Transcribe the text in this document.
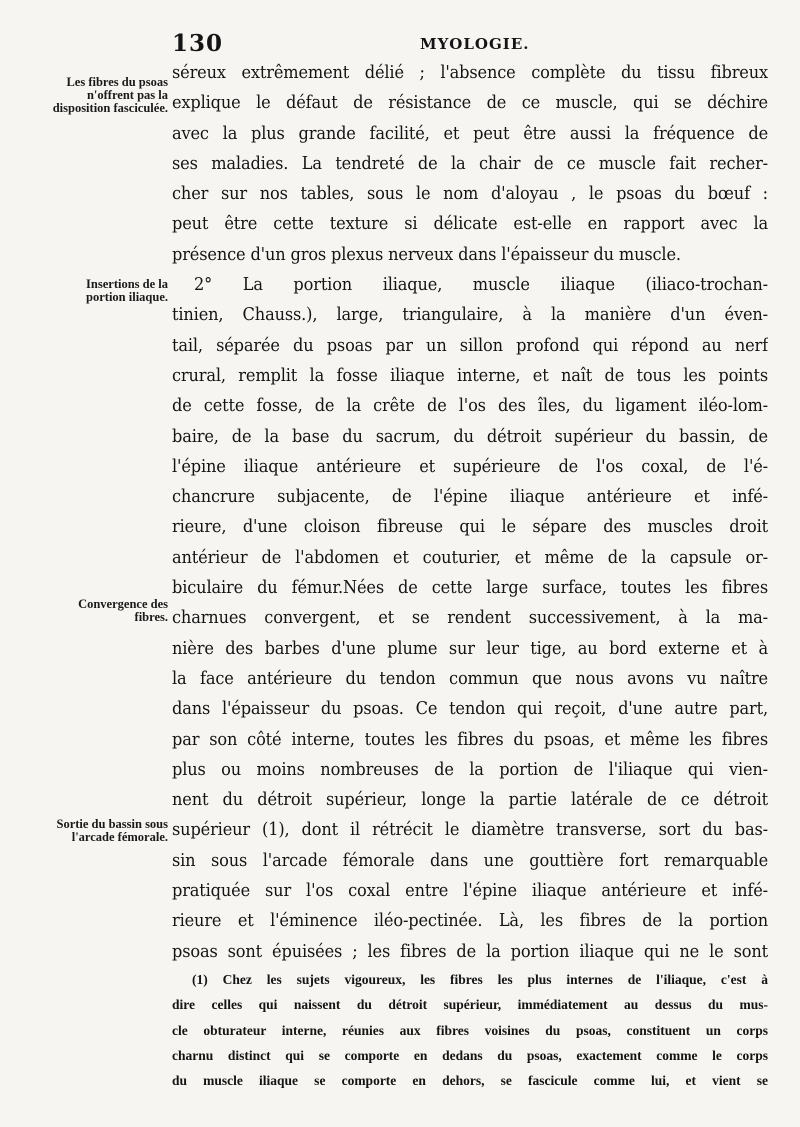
130	MYOLOGIE.
Les fibres du psoas n'offrent pas la disposition fasciculée.
Insertions de la portion iliaque.
Convergence des fibres.
Sortie du bassin sous l'arcade fémorale.
séreux extrêmement délié ; l'absence complète du tissu fibreux
explique le défaut de résistance de ce muscle, qui se déchire
avec la plus grande facilité, et peut être aussi la fréquence de
ses maladies. La tendreté de la chair de ce muscle fait recher-
cher sur nos tables, sous le nom d'aloyau , le psoas du bœuf :
peut être cette texture si délicate est-elle en rapport avec la
présence d'un gros plexus nerveux dans l'épaisseur du muscle.
2° La portion iliaque, muscle iliaque (iliaco-trochan-
tinien, Chauss.), large, triangulaire, à la manière d'un éven-
tail, séparée du psoas par un sillon profond qui répond au nerf
crural, remplit la fosse iliaque interne, et naît de tous les points
de cette fosse, de la crête de l'os des îles, du ligament iléo-lom-
baire, de la base du sacrum, du détroit supérieur du bassin, de
l'épine iliaque antérieure et supérieure de l'os coxal, de l'é-
chancrure subjacente, de l'épine iliaque antérieure et infé-
rieure, d'une cloison fibreuse qui le sépare des muscles droit
antérieur de l'abdomen et couturier, et même de la capsule or-
biculaire du fémur.Nées de cette large surface, toutes les fibres
charnues convergent, et se rendent successivement, à la ma-
nière des barbes d'une plume sur leur tige, au bord externe et à
la face antérieure du tendon commun que nous avons vu naître
dans l'épaisseur du psoas. Ce tendon qui reçoit, d'une autre part,
par son côté interne, toutes les fibres du psoas, et même les fibres
plus ou moins nombreuses de la portion de l'iliaque qui vien-
nent du détroit supérieur, longe la partie latérale de ce détroit
supérieur (1), dont il rétrécit le diamètre transverse, sort du bas-
sin sous l'arcade fémorale dans une gouttière fort remarquable
pratiquée sur l'os coxal entre l'épine iliaque antérieure et infé-
rieure et l'éminence iléo-pectinée. Là, les fibres de la portion
psoas sont épuisées ; les fibres de la portion iliaque qui ne le sont
(1) Chez les sujets vigoureux, les fibres les plus internes de l'iliaque, c'est à
dire celles qui naissent du détroit supérieur, immédiatement au dessus du mus-
cle obturateur interne, réunies aux fibres voisines du psoas, constituent un corps
charnu distinct qui se comporte en dedans du psoas, exactement comme le corps
du muscle iliaque se comporte en dehors, se fascicule comme lui, et vient se
